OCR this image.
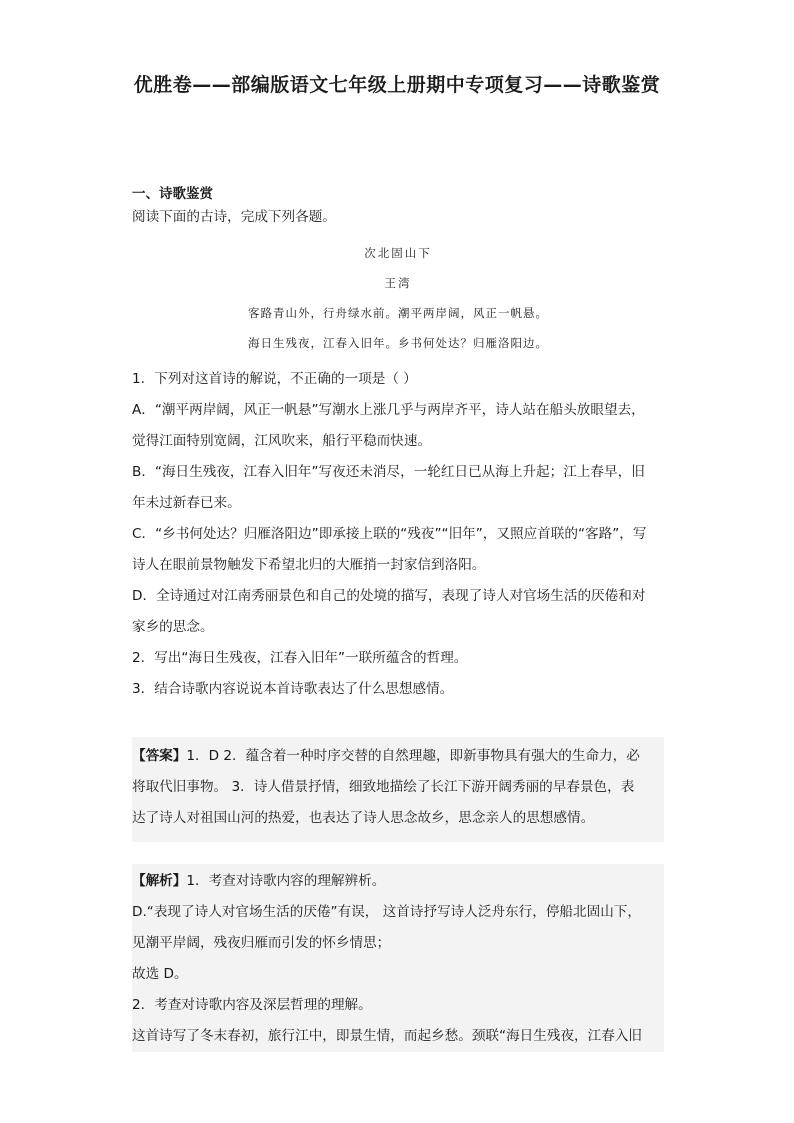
优胜卷——部编版语文七年级上册期中专项复习——诗歌鉴赏

一、诗歌鉴赏

阅读下面的古诗，完成下列各题。

次北固山下
王湾
客路青山外，行舟绿水前。潮平两岸阔，风正一帆悬。
海日生残夜，江春入旧年。乡书何处达？归雁洛阳边。

1．下列对这首诗的解说，不正确的一项是（ ）

A．“潮平两岸阔，风正一帆悬”写潮水上涨几乎与两岸齐平，诗人站在船头放眼望去，

觉得江面特别宽阔，江风吹来，船行平稳而快速。

B．“海日生残夜，江春入旧年”写夜还未消尽，一轮红日已从海上升起；江上春早，旧

年未过新春已来。

C．“乡书何处达？归雁洛阳边”即承接上联的“残夜”“旧年”，又照应首联的“客路”，写

诗人在眼前景物触发下希望北归的大雁捎一封家信到洛阳。

D．全诗通过对江南秀丽景色和自己的处境的描写，表现了诗人对官场生活的厌倦和对

家乡的思念。

2．写出“海日生残夜，江春入旧年”一联所蕴含的哲理。

3．结合诗歌内容说说本首诗歌表达了什么思想感情。

【答案】1．D 2．蕴含着一种时序交替的自然理趣，即新事物具有强大的生命力，必

将取代旧事物。 3．诗人借景抒情，细致地描绘了长江下游开阔秀丽的早春景色，表

达了诗人对祖国山河的热爱，也表达了诗人思念故乡，思念亲人的思想感情。

【解析】1．考查对诗歌内容的理解辨析。

D.“表现了诗人对官场生活的厌倦”有误， 这首诗抒写诗人泛舟东行，停船北固山下，

见潮平岸阔，残夜归雁而引发的怀乡情思；

故选 D。

2．考查对诗歌内容及深层哲理的理解。

这首诗写了冬末春初，旅行江中，即景生情，而起乡愁。颈联“海日生残夜，江春入旧
